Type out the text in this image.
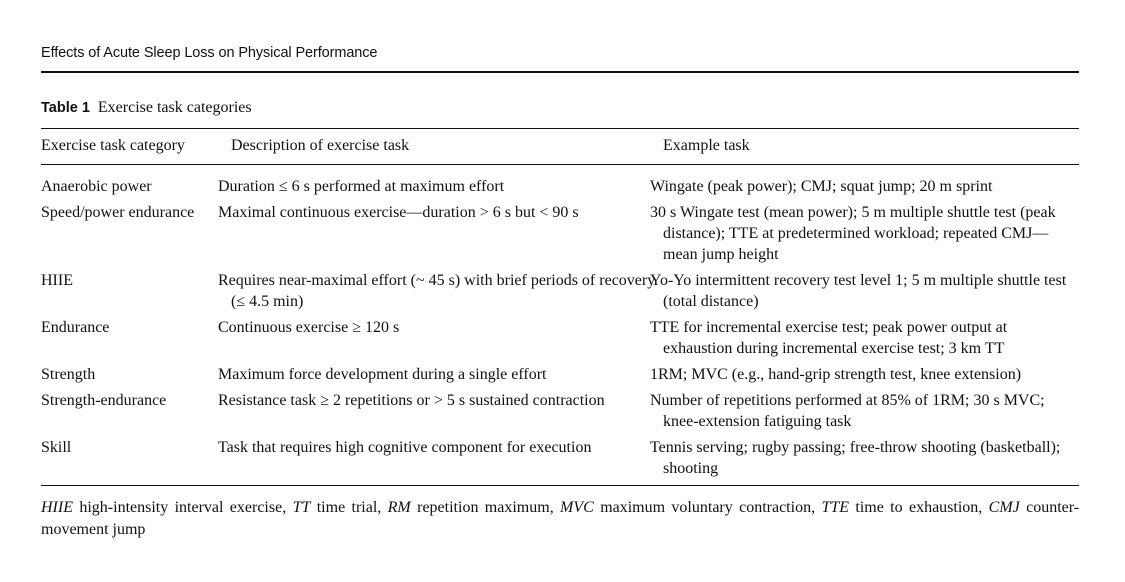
Effects of Acute Sleep Loss on Physical Performance
Table 1 Exercise task categories
Exercise task category	Description of exercise task	Example task
Anaerobic power	Duration ≤ 6 s performed at maximum effort	Wingate (peak power); CMJ; squat jump; 20 m sprint
Speed/power endurance	Maximal continuous exercise—duration > 6 s but < 90 s	30 s Wingate test (mean power); 5 m multiple shuttle test (peak distance); TTE at predetermined workload; repeated CMJ—mean jump height
HIIE	Requires near-maximal effort (~ 45 s) with brief periods of recovery (≤ 4.5 min)	Yo-Yo intermittent recovery test level 1; 5 m multiple shuttle test (total distance)
Endurance	Continuous exercise ≥ 120 s	TTE for incremental exercise test; peak power output at exhaustion during incremental exercise test; 3 km TT
Strength	Maximum force development during a single effort	1RM; MVC (e.g., hand-grip strength test, knee extension)
Strength-endurance	Resistance task ≥ 2 repetitions or > 5 s sustained contraction	Number of repetitions performed at 85% of 1RM; 30 s MVC; knee-extension fatiguing task
Skill	Task that requires high cognitive component for execution	Tennis serving; rugby passing; free-throw shooting (basketball); shooting
HIIE high-intensity interval exercise, TT time trial, RM repetition maximum, MVC maximum voluntary contraction, TTE time to exhaustion, CMJ counter-movement jump
